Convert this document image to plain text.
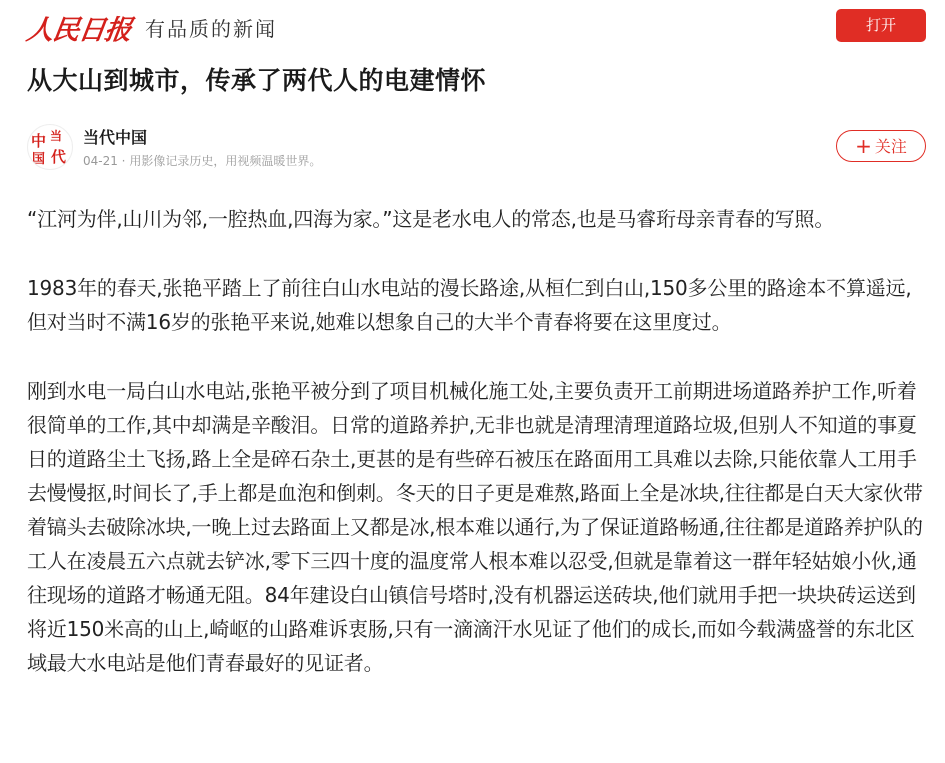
人民日报 有品质的新闻	打开
从大山到城市，传承了两代人的电建情怀
中 当
国 代
当代中国
04-21 · 用影像记录历史，用视频温暖世界。
+ 关注

“江河为伴,山川为邻,一腔热血,四海为家。”这是老水电人的常态,也是马睿珩母亲青春的写照。

1983年的春天,张艳平踏上了前往白山水电站的漫长路途,从桓仁到白山,150多公里的路途本不算遥远,但对当时不满16岁的张艳平来说,她难以想象自己的大半个青春将要在这里度过。

刚到水电一局白山水电站,张艳平被分到了项目机械化施工处,主要负责开工前期进场道路养护工作,听着很简单的工作,其中却满是辛酸泪。日常的道路养护,无非也就是清理清理道路垃圾,但别人不知道的事夏日的道路尘土飞扬,路上全是碎石杂土,更甚的是有些碎石被压在路面用工具难以去除,只能依靠人工用手去慢慢抠,时间长了,手上都是血泡和倒刺。冬天的日子更是难熬,路面上全是冰块,往往都是白天大家伙带着镐头去破除冰块,一晚上过去路面上又都是冰,根本难以通行,为了保证道路畅通,往往都是道路养护队的工人在凌晨五六点就去铲冰,零下三四十度的温度常人根本难以忍受,但就是靠着这一群年轻姑娘小伙,通往现场的道路才畅通无阻。84年建设白山镇信号塔时,没有机器运送砖块,他们就用手把一块块砖运送到将近150米高的山上,崎岖的山路难诉衷肠,只有一滴滴汗水见证了他们的成长,而如今载满盛誉的东北区域最大水电站是他们青春最好的见证者。
